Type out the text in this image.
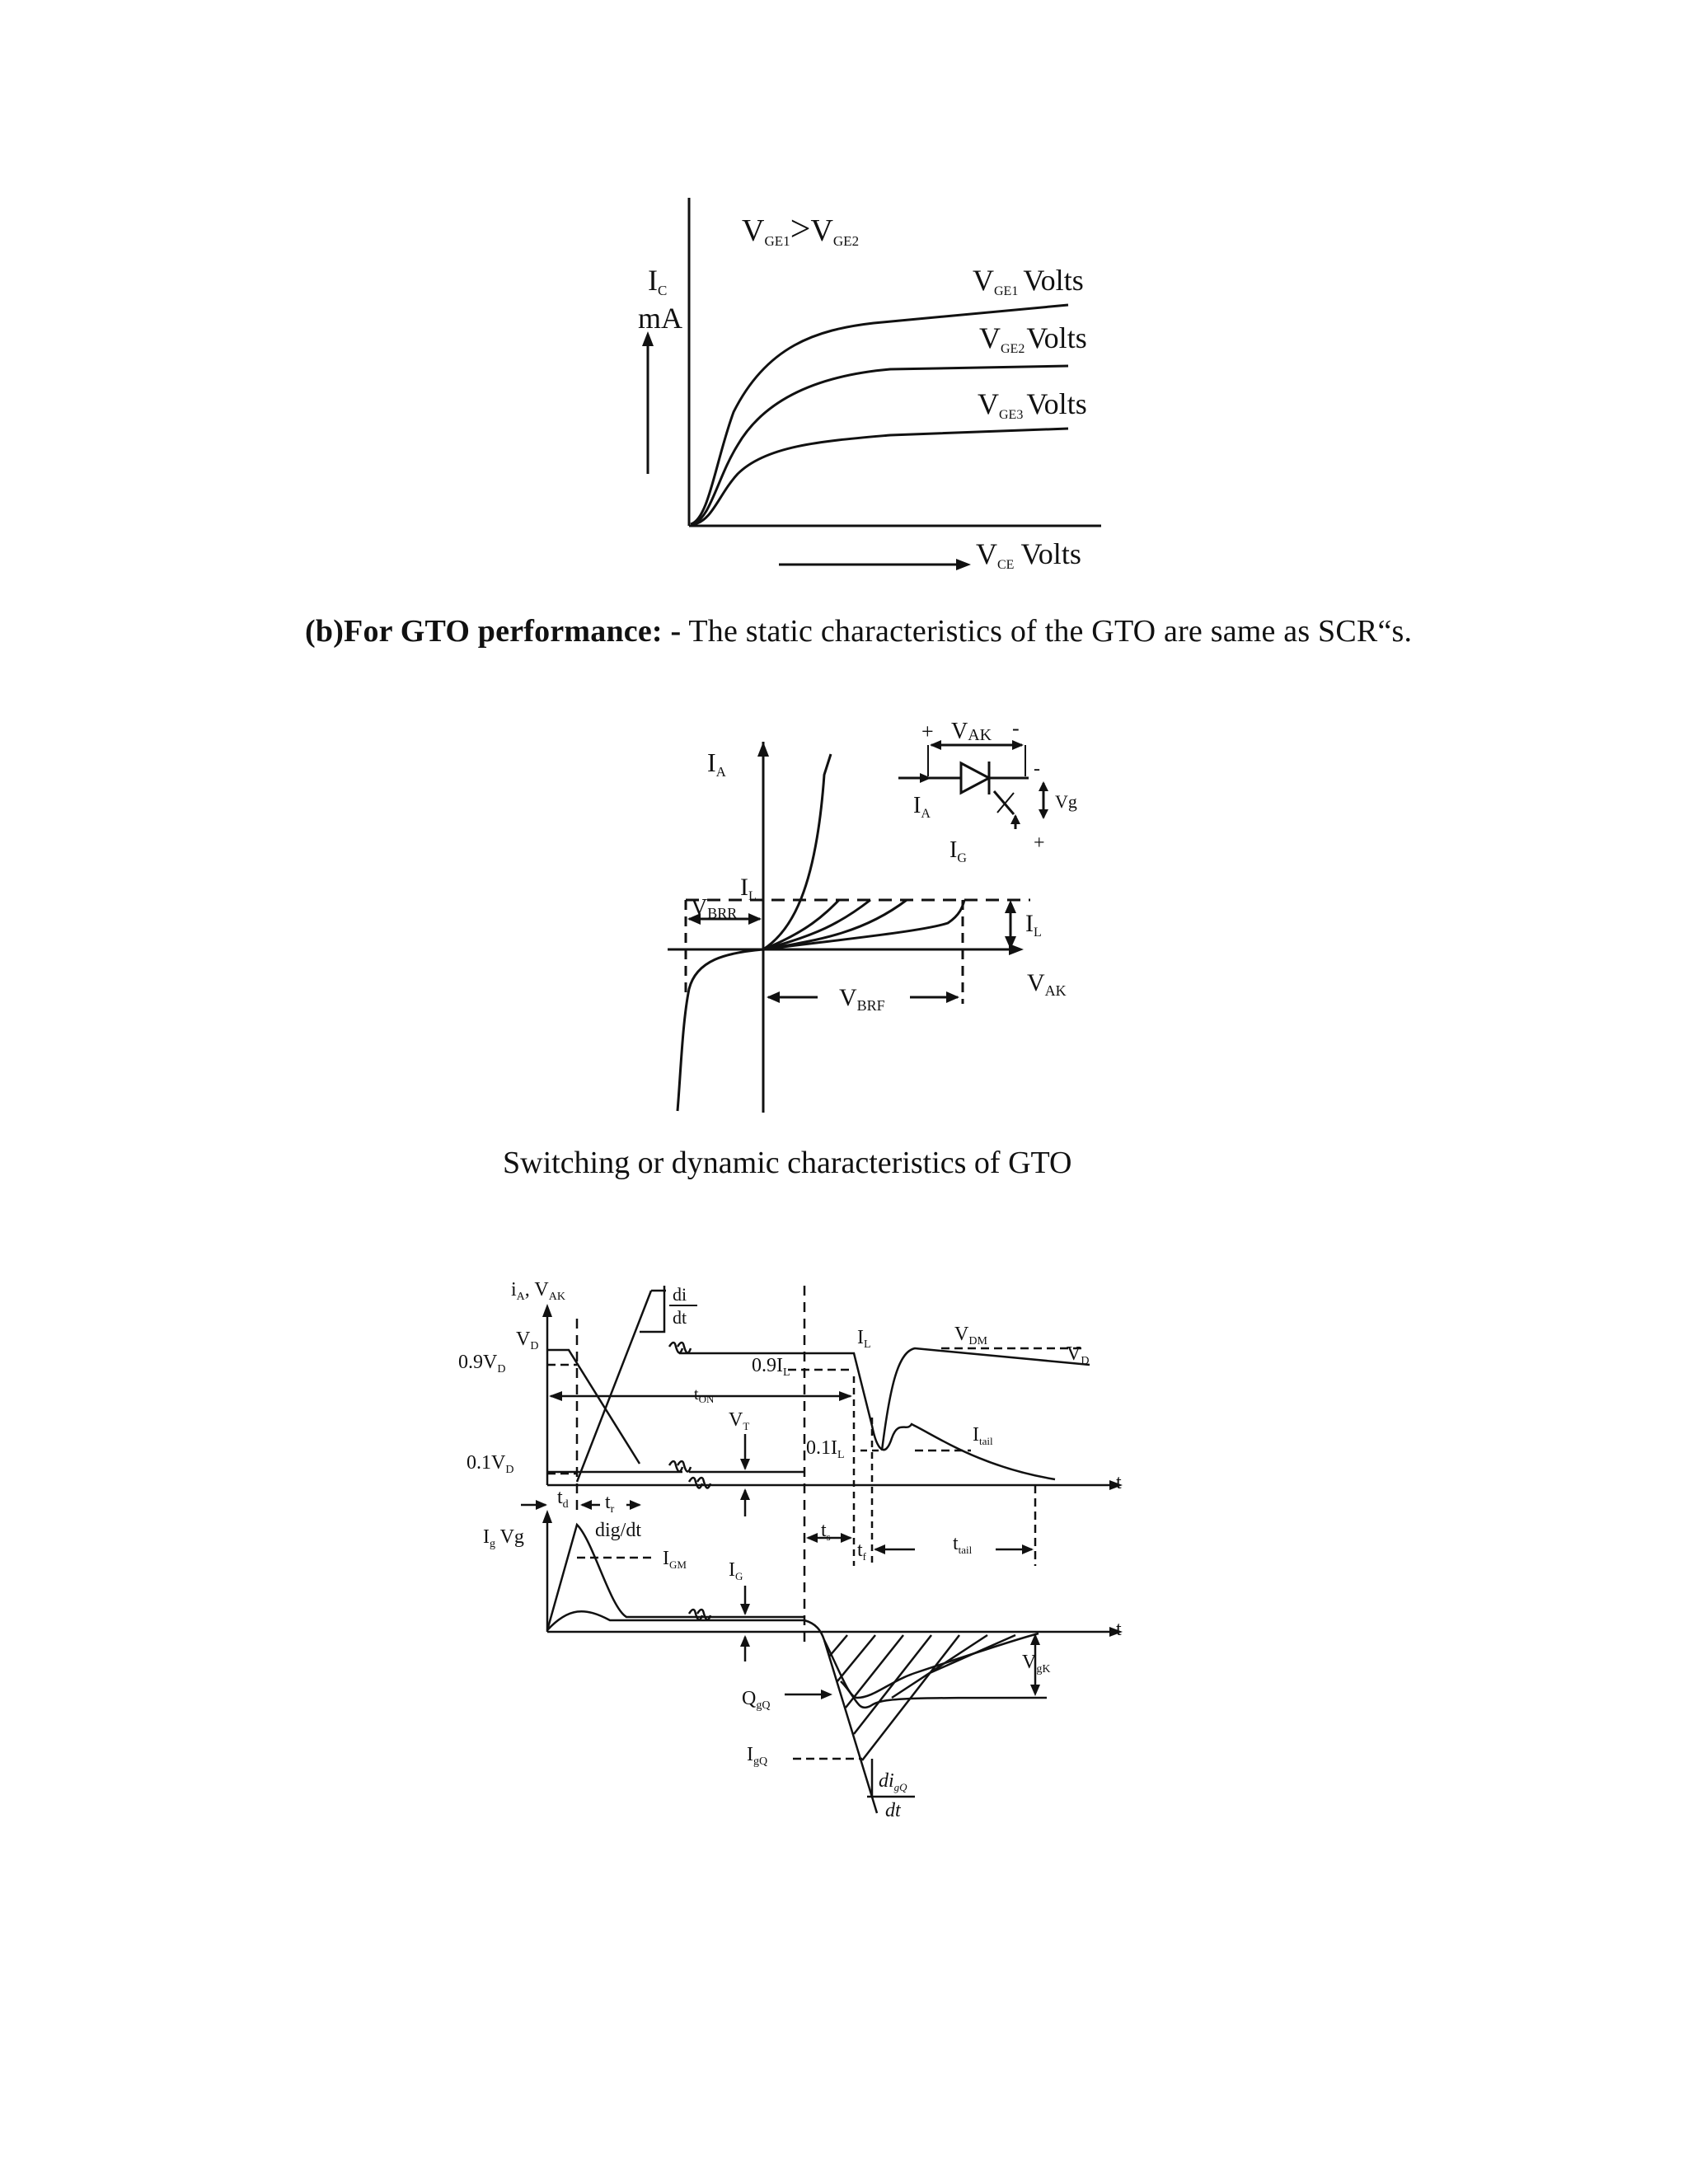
VGE1>VGE2
IC
mA
VGE1 Volts
VGE2Volts
VGE3 Volts
VCE Volts
(b)For GTO performance: - The static characteristics of the GTO are same as SCR“s.
IA
$I_L$
VBRR
$V_{BRF}$
$V_{AK}$
$I_L$
+	-
VAK
$I_A$
$I_G$
Vg
-
+
Switching or dynamic characteristics of GTO
$i_A$, $V_{AK}$	di
dt
$V_D$
$0.9V_D$
$0.1V_D$
$0.9I_L$
$0.1I_L$
$t_{ON}$
$V_T$
$I_L$	$V_{DM}$
$V_D$
$I_{tail}$
t
$t_d$ $t_r$
$I_g$ Vg	dig/dt
$I_{GM}$ $I_G$
$t_s$
$t_f$
$t_{tail}$
t
$V_{gK}$
$Q_{gQ}$
$I_{gQ}$
$di_{gQ}$
dt
